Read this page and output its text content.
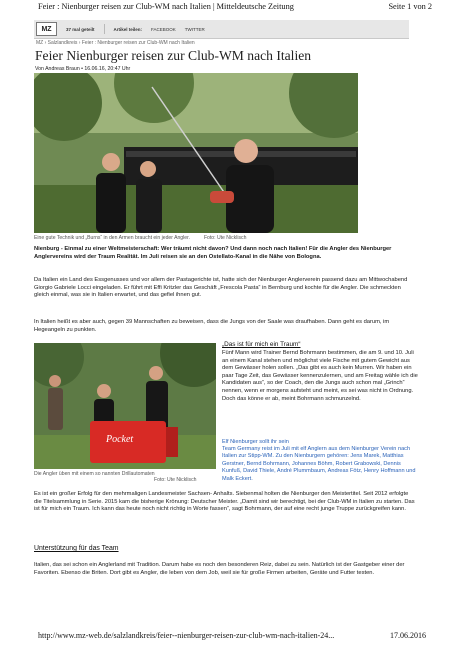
Feier : Nienburger reisen zur Club-WM nach Italien | Mitteldeutsche Zeitung	Seite 1 von 2
MZ	37 mal geteilt	Artikel teilen: FACEBOOK TWITTER
MZ › Salzlandkreis › Feier : Nienburger reisen zur Club-WM nach Italien
Feier Nienburger reisen zur Club-WM nach Italien
Von Andreas Braun • 16.06.16, 20:47 Uhr
Eine gute Technik und „Burns“ in den Armen braucht ein jeder Angler.	Foto: Ute Nicklisch

Nienburg - Einmal zu einer Weltmeisterschaft: Wer träumt nicht davon? Und dann noch nach Italien! Für die Angler des Nienburger Anglervereins wird der Traum Realität. Im Juli reisen sie an den Ostellato-Kanal in die Nähe von Bologna.

Da Italien ein Land des Essgenusses und vor allem der Pastagerichte ist, hatte sich der Nienburger Anglerverein passend dazu am Mittwochabend Giorgio Gabriele Locci eingeladen. Er führt mit Effi Kritzler das Geschäft „Frescola Pasta“ in Bernburg und kochte für die Angler. Die schmeckten gleich einmal, was sie in Italien erwartet, und das gefiel ihnen gut.

In Italien heißt es aber auch, gegen 39 Mannschaften zu beweisen, dass die Jungs von der Saale was draufhaben. Dann geht es darum, im Hegeangeln zu punkten.

Pocket
Die Angler üben mit einem so nannten Drillautomaten
Foto: Ute Nicklisch

„Das ist für mich ein Traum“

Fünf Mann wird Trainer Bernd Bohrmann bestimmen, die am 9. und 10. Juli an einem Kanal stehen und möglichst viele Fische mit gutem Gewicht aus dem Gewässer holen sollen. „Das gibt es auch kein Murren. Wir haben ein paar Tage Zeit, das Gewässer kennenzulernen, und am Freitag wähle ich die Kandidaten aus“, so der Coach, den die Jungs auch schon mal „Grinch“ nennen, wenn er morgens aufsteht und meint, es sei was nicht in Ordnung. Doch das könne er ab, meint Bohrmann schmunzelnd.

Elf Nienburger sollt ihr sein

Team Germany reist im Juli mit elf Anglern aus dem Nienburger Verein nach Italien zur Stipp-WM. Zu den Nienburgern gehören: Jens Marek, Matthias Gerstner, Bernd Bohrmann, Johannes Böhm, Robert Grabowski, Dennis Kunfuß, David Thiele, André Plummbaum, Andreas Fötz, Henry Hoffmann und Malk Eckert.

Es ist ein großer Erfolg für den mehrmaligen Landesmeister Sachsen- Anhalts. Siebenmal holten die Nienburger den Meistertitel. Seit 2012 erfolgte die Titelsammlung in Serie. 2015 kam die bisherige Krönung: Deutscher Meister. „Damit sind wir berechtigt, bei der Club-WM in Italien zu starten. Das ist für mich ein Traum. Ich kann das heute noch nicht richtig in Worte fassen“, sagt Bohrmann, der auf eine recht junge Truppe zurückgreifen kann.

Unterstützung für das Team

Italien, das sei schon ein Anglerland mit Tradition. Darum habe es noch den besonderen Reiz, dabei zu sein. Natürlich ist der Gastgeber einer der Favoriten. Ebenso die Briten. Dort gibt es Angler, die leben von dem Job, weil sie für große Firmen arbeiten, Geräte und Futter testen.

http://www.mz-web.de/salzlandkreis/feier--nienburger-reisen-zur-club-wm-nach-italien-24...	17.06.2016
